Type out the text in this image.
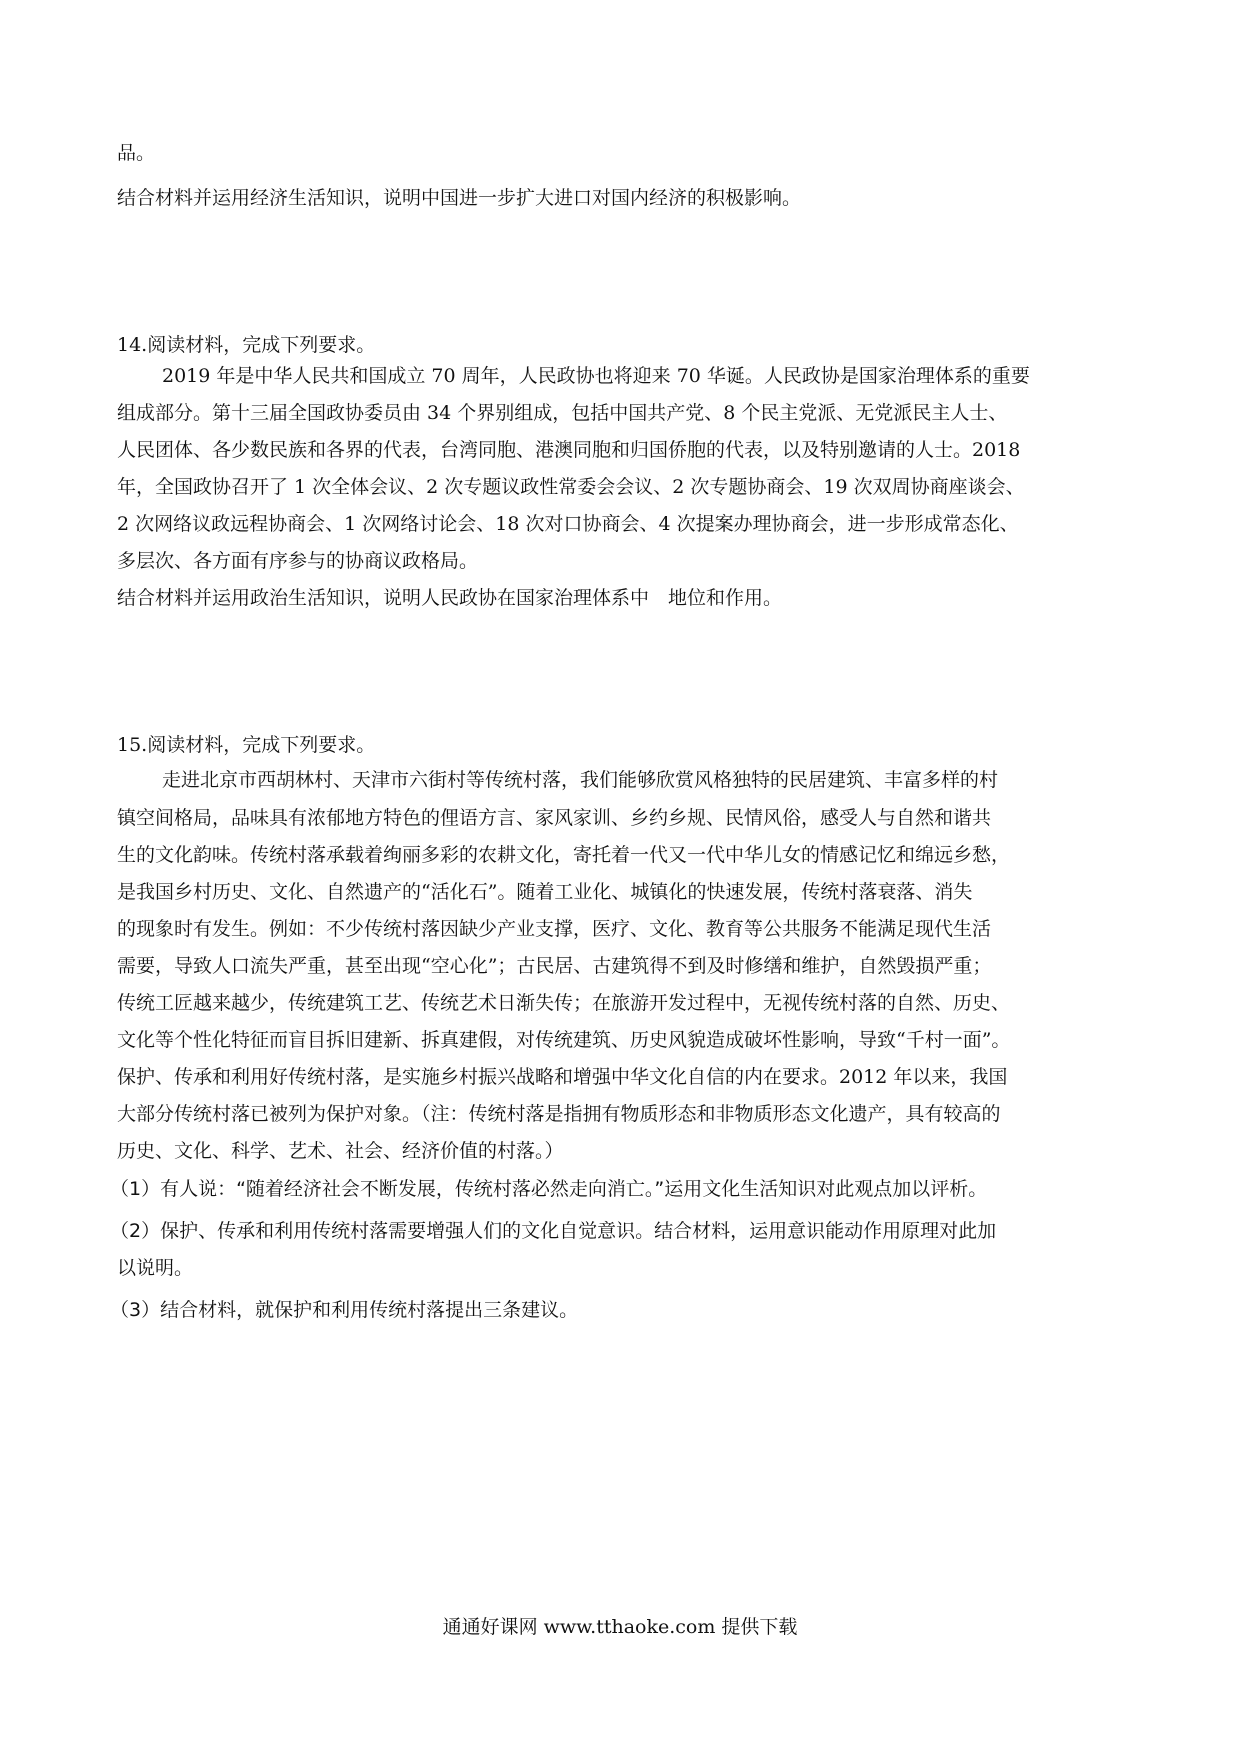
品。
结合材料并运用经济生活知识，说明中国进一步扩大进口对国内经济的积极影响。
14.阅读材料，完成下列要求。
2019 年是中华人民共和国成立 70 周年，人民政协也将迎来 70 华诞。人民政协是国家治理体系的重要
组成部分。第十三届全国政协委员由 34 个界别组成，包括中国共产党、8 个民主党派、无党派民主人士、
人民团体、各少数民族和各界的代表，台湾同胞、港澳同胞和归国侨胞的代表，以及特别邀请的人士。2018
年，全国政协召开了 1 次全体会议、2 次专题议政性常委会会议、2 次专题协商会、19 次双周协商座谈会、
2 次网络议政远程协商会、1 次网络讨论会、18 次对口协商会、4 次提案办理协商会，进一步形成常态化、
多层次、各方面有序参与的协商议政格局。
结合材料并运用政治生活知识，说明人民政协在国家治理体系中　地位和作用。
15.阅读材料，完成下列要求。
走进北京市西胡林村、天津市六街村等传统村落，我们能够欣赏风格独特的民居建筑、丰富多样的村
镇空间格局，品味具有浓郁地方特色的俚语方言、家风家训、乡约乡规、民情风俗，感受人与自然和谐共
生的文化韵味。传统村落承载着绚丽多彩的农耕文化，寄托着一代又一代中华儿女的情感记忆和绵远乡愁，
是我国乡村历史、文化、自然遗产的“活化石”。随着工业化、城镇化的快速发展，传统村落衰落、消失
的现象时有发生。例如：不少传统村落因缺少产业支撑，医疗、文化、教育等公共服务不能满足现代生活
需要，导致人口流失严重，甚至出现“空心化”；古民居、古建筑得不到及时修缮和维护，自然毁损严重；
传统工匠越来越少，传统建筑工艺、传统艺术日渐失传；在旅游开发过程中，无视传统村落的自然、历史、
文化等个性化特征而盲目拆旧建新、拆真建假，对传统建筑、历史风貌造成破坏性影响，导致“千村一面”。
保护、传承和利用好传统村落，是实施乡村振兴战略和增强中华文化自信的内在要求。2012 年以来，我国
大部分传统村落已被列为保护对象。（注：传统村落是指拥有物质形态和非物质形态文化遗产，具有较高的
历史、文化、科学、艺术、社会、经济价值的村落。）
（1）有人说：“随着经济社会不断发展，传统村落必然走向消亡。”运用文化生活知识对此观点加以评析。
（2）保护、传承和利用传统村落需要增强人们的文化自觉意识。结合材料，运用意识能动作用原理对此加
以说明。
（3）结合材料，就保护和利用传统村落提出三条建议。
通通好课网 www.tthaoke.com 提供下载
